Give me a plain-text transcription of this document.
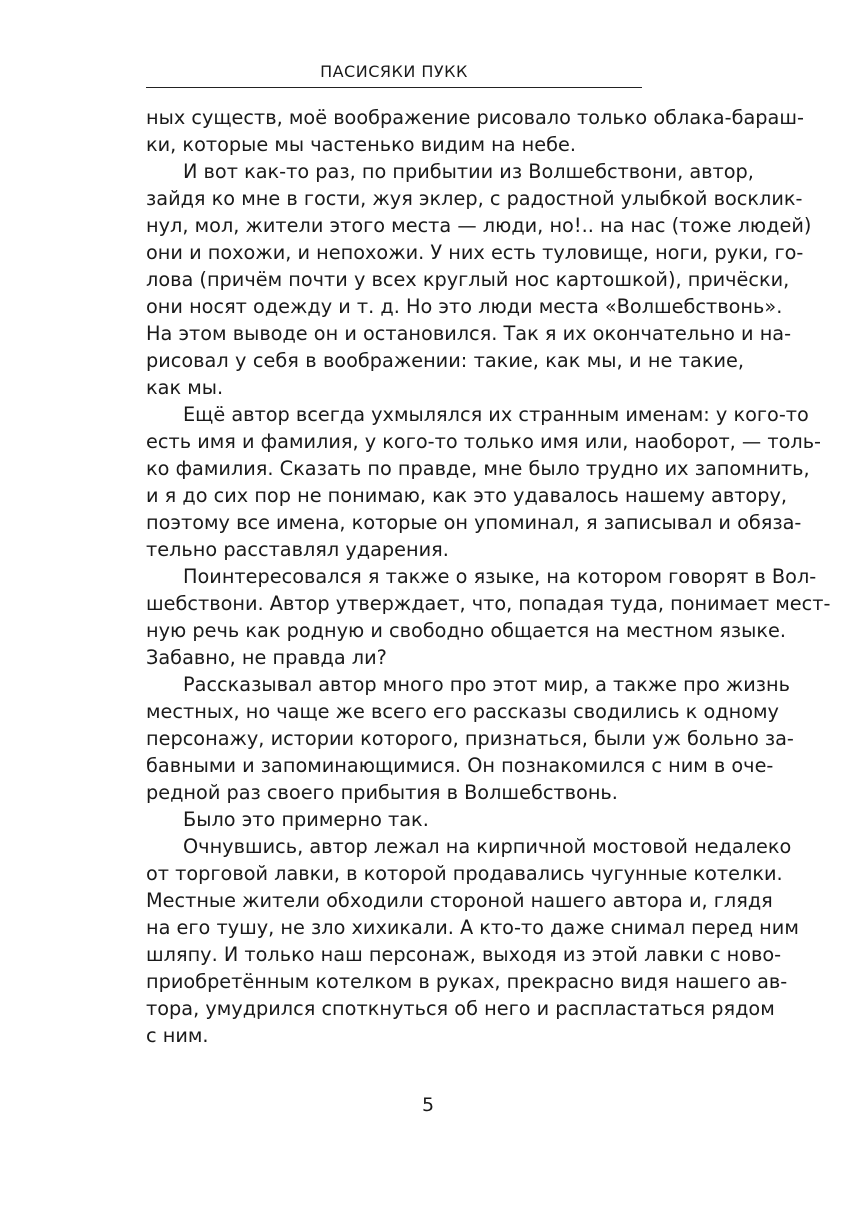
ПАСИСЯКИ ПУКК
ных существ, моё воображение рисовало только облака-бараш-
ки, которые мы частенько видим на небе.
И вот как-то раз, по прибытии из Волшебствони, автор,
зайдя ко мне в гости, жуя эклер, с радостной улыбкой восклик-
нул, мол, жители этого места — люди, но!.. на нас (тоже людей)
они и похожи, и непохожи. У них есть туловище, ноги, руки, го-
лова (причём почти у всех круглый нос картошкой), причёски,
они носят одежду и т. д. Но это люди места «Волшебствонь».
На этом выводе он и остановился. Так я их окончательно и на-
рисовал у себя в воображении: такие, как мы, и не такие,
как мы.
Ещё автор всегда ухмылялся их странным именам: у кого-то
есть имя и фамилия, у кого-то только имя или, наоборот, — толь-
ко фамилия. Сказать по правде, мне было трудно их запомнить,
и я до сих пор не понимаю, как это удавалось нашему автору,
поэтому все имена, которые он упоминал, я записывал и обяза-
тельно расставлял ударения.
Поинтересовался я также о языке, на котором говорят в Вол-
шебствони. Автор утверждает, что, попадая туда, понимает мест-
ную речь как родную и свободно общается на местном языке.
Забавно, не правда ли?
Рассказывал автор много про этот мир, а также про жизнь
местных, но чаще же всего его рассказы сводились к одному
персонажу, истории которого, признаться, были уж больно за-
бавными и запоминающимися. Он познакомился с ним в оче-
редной раз своего прибытия в Волшебствонь.
Было это примерно так.
Очнувшись, автор лежал на кирпичной мостовой недалеко
от торговой лавки, в которой продавались чугунные котелки.
Местные жители обходили стороной нашего автора и, глядя
на его тушу, не зло хихикали. А кто-то даже снимал перед ним
шляпу. И только наш персонаж, выходя из этой лавки с ново-
приобретённым котелком в руках, прекрасно видя нашего ав-
тора, умудрился споткнуться об него и распластаться рядом
с ним.
5
